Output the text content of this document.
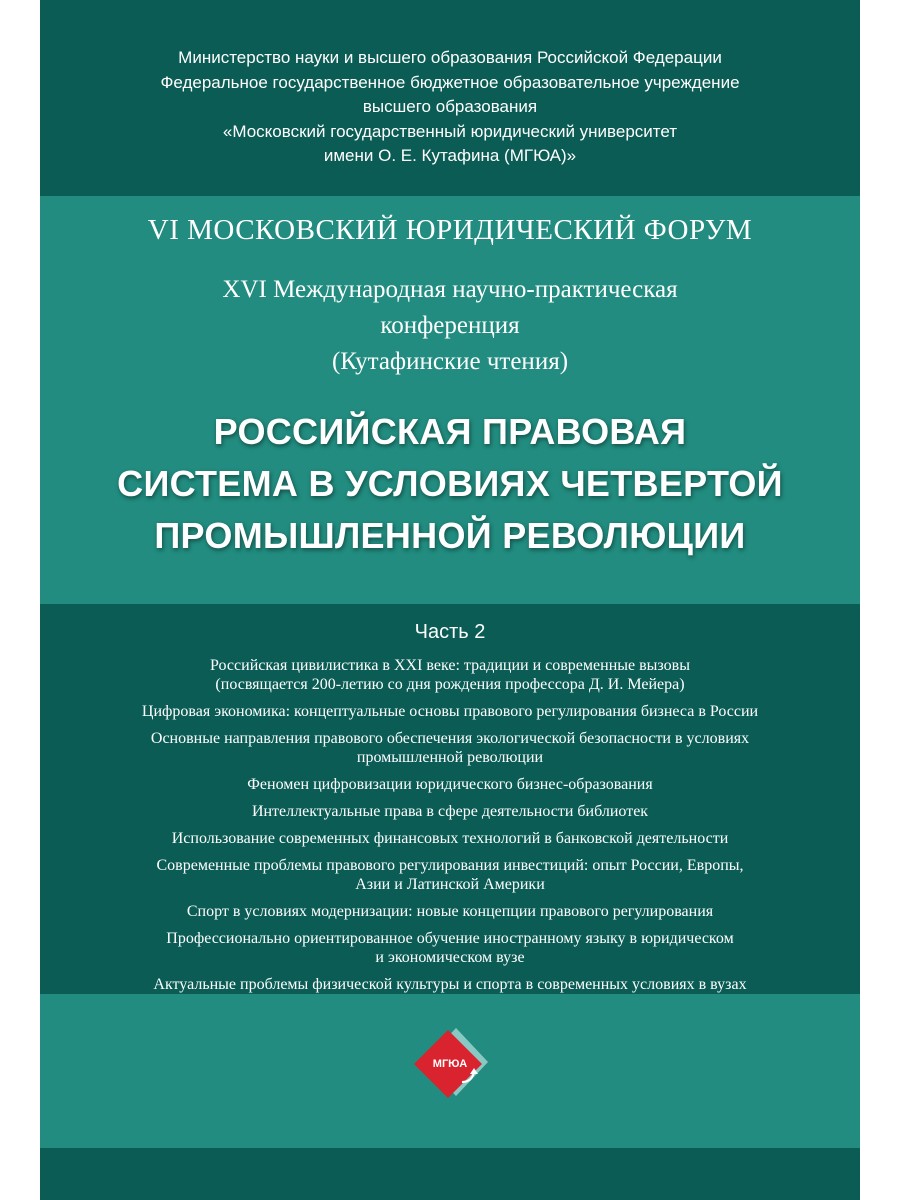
Министерство науки и высшего образования Российской Федерации
Федеральное государственное бюджетное образовательное учреждение
высшего образования
«Московский государственный юридический университет
имени О. Е. Кутафина (МГЮА)»
VI МОСКОВСКИЙ ЮРИДИЧЕСКИЙ ФОРУМ
XVI Международная научно-практическая
конференция
(Кутафинские чтения)
РОССИЙСКАЯ ПРАВОВАЯ
СИСТЕМА В УСЛОВИЯХ ЧЕТВЕРТОЙ
ПРОМЫШЛЕННОЙ РЕВОЛЮЦИИ
Часть 2
Российская цивилистика в XXI веке: традиции и современные вызовы
(посвящается 200-летию со дня рождения профессора Д. И. Мейера)
Цифровая экономика: концептуальные основы правового регулирования бизнеса в России
Основные направления правового обеспечения экологической безопасности в условиях
промышленной революции
Феномен цифровизации юридического бизнес-образования
Интеллектуальные права в сфере деятельности библиотек
Использование современных финансовых технологий в банковской деятельности
Современные проблемы правового регулирования инвестиций: опыт России, Европы,
Азии и Латинской Америки
Спорт в условиях модернизации: новые концепции правового регулирования
Профессионально ориентированное обучение иностранному языку в юридическом
и экономическом вузе
Актуальные проблемы физической культуры и спорта в современных условиях в вузах
МГЮА
